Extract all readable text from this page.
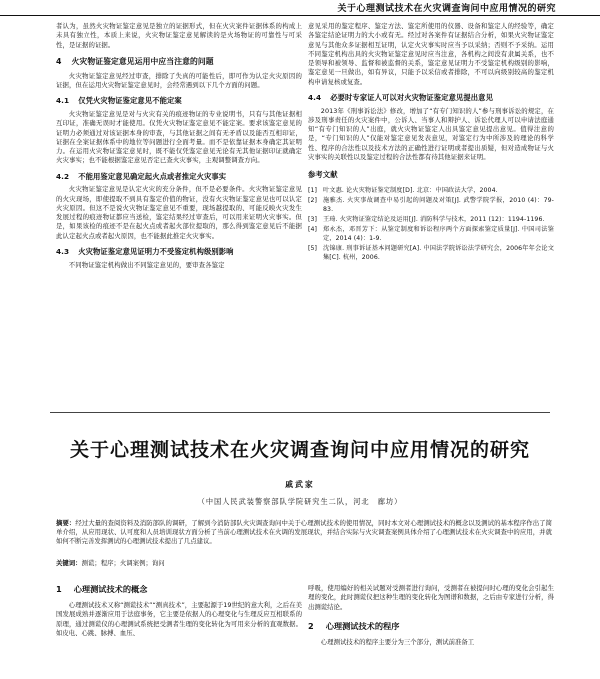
关于心理测试技术在火灾调查询问中应用情况的研究

者认为，虽然火灾物证鉴定意见是独立的证据形式，但在火灾案件证据体系的构成上未具有独立性，本质上来说，火灾物证鉴定意见解读的是火场物证的可靠性与可采性，是证据的证据。

4 火灾物证鉴定意见运用中应当注意的问题

火灾物证鉴定意见经过审查，排除了失真的可能性后，即可作为认定火灾原因的证据，但在运用火灾物证鉴定意见时，会经常遇到以下几个方面的问题。

4.1 仅凭火灾物证鉴定意见不能定案

火灾物证鉴定意见是对与火灾有关的痕迹物证的专业说明书，只有与其他证据相互印证，准确无误时才能使用。仅凭火灾物证鉴定意见不能定案。要求该鉴定意见的证明力必须通过对该证据本身的审查，与其他证据之间有无矛盾以及能否互相印证，证据在全案证据体系中的地位等问题进行全面考量。而不是依靠证据本身确定其证明力。在运用火灾物证鉴定意见时，既不能仅凭鉴定意见无论有无其他证据印证就确定火灾事实；也不能根据鉴定意见否定已查火灾事实，主观调整调查方向。

4.2 不能用鉴定意见确定起火点或者推定火灾事实

火灾物证鉴定意见是认定火灾的充分条件，但不是必要条件。火灾物证鉴定意见的火灾现场，即使提取不到具有鉴定价值的物证，没有火灾物证鉴定意见也可以认定火灾原因。但这不是说火灾物证鉴定意见不重要，现场越提取的、可能反映火灾发生发展过程的痕迹物证都应当送检，鉴定结果经过审查后，可以用来证明火灾事实。但是，如果该检的痕迹不是在起火点或者起火部位提取的，那么得到鉴定意见后不能据此认定起火点或者起火原因，也不能据此推定火灾事实。

4.3 火灾物证鉴定意见证明力不受鉴定机构级别影响

不同物证鉴定机构做出不同鉴定意见的，要审查各鉴定

意见采用的鉴定程序、鉴定方法、鉴定所使用的仪器、设备和鉴定人的经验等，确定各鉴定结论证明力的大小或有无。经过对各案件有证据结合分析，如果火灾物证鉴定意见与其他众多证据相互证明，认定火灾事实时应当予以采纳；否则不予采纳。运用不同鉴定机构出具的火灾物证鉴定意见时应当注意，各机构之间没有隶属关系，也不是领导和被领导、监督和被监督的关系，鉴定意见证明力不受鉴定机构级别的影响，鉴定意见一旦做出，如有异议，只能予以采信或者排除，不可以向级别较高的鉴定机构申请复核或复查。

4.4 必要时专家证人可以对火灾物证鉴定意见提出意见

2013年《刑事诉讼法》修改，增加了“有专门知识的人”参与刑事诉讼的规定，在涉及刑事责任的火灾案件中，公诉人、当事人和辩护人、诉讼代理人可以申请法庭通知“有专门知识的人”出庭，就火灾物证鉴定人出具鉴定意见提出意见。值得注意的是，“专门知识的人”仅能对鉴定意见发表意见，对鉴定行为中所涉及的理论的科学性、程序的合法性以及技术方法的正确性进行证明或者提出质疑，但对造成物证与火灾事实的关联性以及鉴定过程的合法性都有待其他证据来证明。

参考文献
[1] 叶文惠. 论火灾物证鉴定制度[D]. 北京：中国政法大学，2004.
[2] 施雅杰. 火灾事故调查中易引起的问题及对策[J]. 武警学院学报，2010 (4)：79-83.
[3] 王琦. 火灾物证鉴定结论及运用[J]. 消防科学与技术，2011 (12)：1194-1196.
[4] 郑永杰，邓晋芳下：从鉴定制度和诉讼程序两个方面探索鉴定质量[J]. 中国司法鉴定，2014 (4)：1-9.
[5] 沈锦康. 刑事诉证基本问题研究[A]. 中国法学院诉讼法学研究会，2006年年会论文集[C]. 杭州，2006.
关于心理测试技术在火灾调查询问中应用情况的研究
戚武家
（中国人民武装警察部队学院研究生二队，河北　廊坊）
摘要：经过大量的查阅资料及消防部队的调研，了解到今消防部队火灾调查询问中关于心理测试技术的使用情况，同时本文对心理测试技术的概念以及测试的基本程序作出了简单介绍，从应用现状、认可度和人员培训现状方面分析了当前心理测试技术在火调的发展现状，并结合实际与火灾调查案例具体介绍了心理测试技术在火灾调查中的应用，并就如何不断完善发挥测试的心理测试技术提出了几点建议。
关键词：测谎；程序；火调案例；询问
1 心理测试技术的概念

心理测试技术又称“测谎技术”“测真技术”，主要起源于19世纪的意大利，之后在美国发展成熟并逐渐应用于法庭事务，它主要是依据人的心理变化与生理反应互相联系的原理，通过测谎仪的心理测试系统把受测者生理的变化转化为可用来分析的直观数据。如皮电、心跳、脉搏、血压、

呼吸，使用编好的相关试题对受测者进行询问，受测者在被提问时心理的变化会引起生理的变化，此时测谎仪把这种生理的变化转化为图谱和数据，之后由专家进行分析，得出测谎结论。

2 心理测试技术的程序

心理测试技术的程序主要分为三个部分，测试前准备工
